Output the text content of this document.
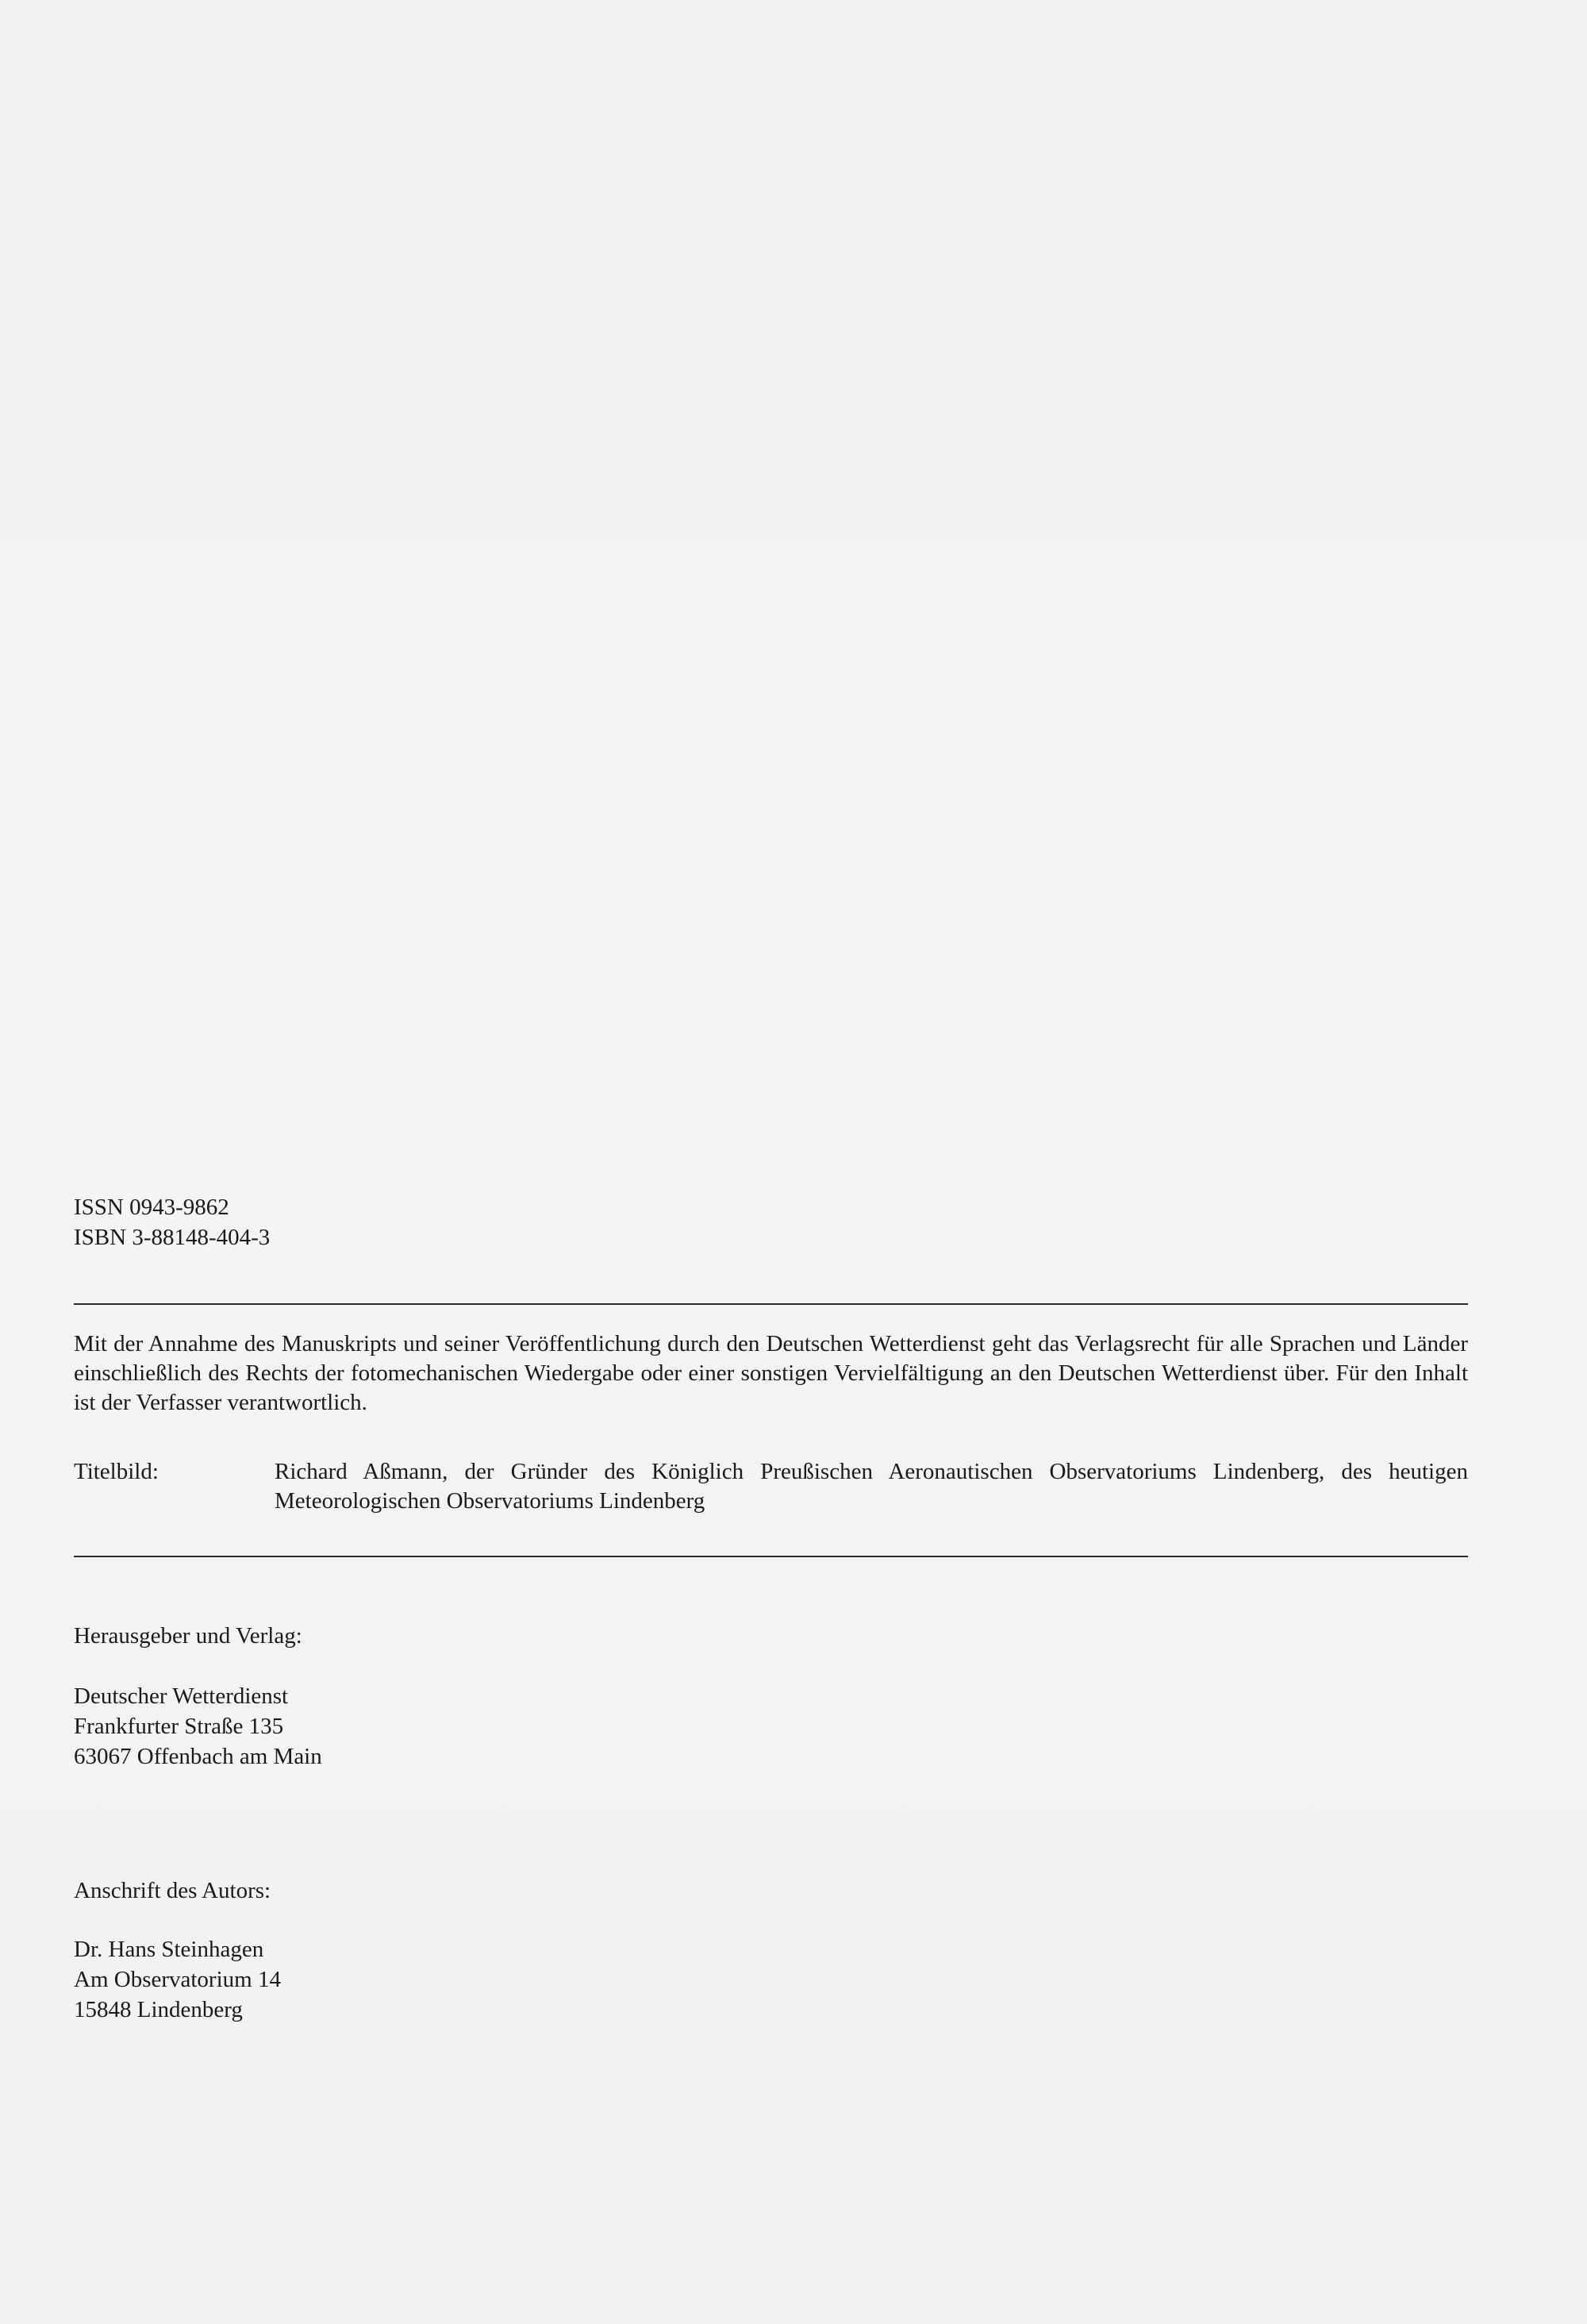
ISSN 0943-9862
ISBN 3-88148-404-3
Mit der Annahme des Manuskripts und seiner Veröffentlichung durch den Deutschen Wetterdienst geht das Verlagsrecht für alle Sprachen und Länder einschließlich des Rechts der fotomechanischen Wiedergabe oder einer sonstigen Vervielfältigung an den Deutschen Wetterdienst über. Für den Inhalt ist der Verfasser verantwortlich.
Titelbild:	Richard Aßmann, der Gründer des Königlich Preußischen Aeronautischen Observatoriums Lindenberg, des heutigen Meteorologischen Observatoriums Lindenberg
Herausgeber und Verlag:
Deutscher Wetterdienst
Frankfurter Straße 135
63067 Offenbach am Main
Anschrift des Autors:
Dr. Hans Steinhagen
Am Observatorium 14
15848 Lindenberg
